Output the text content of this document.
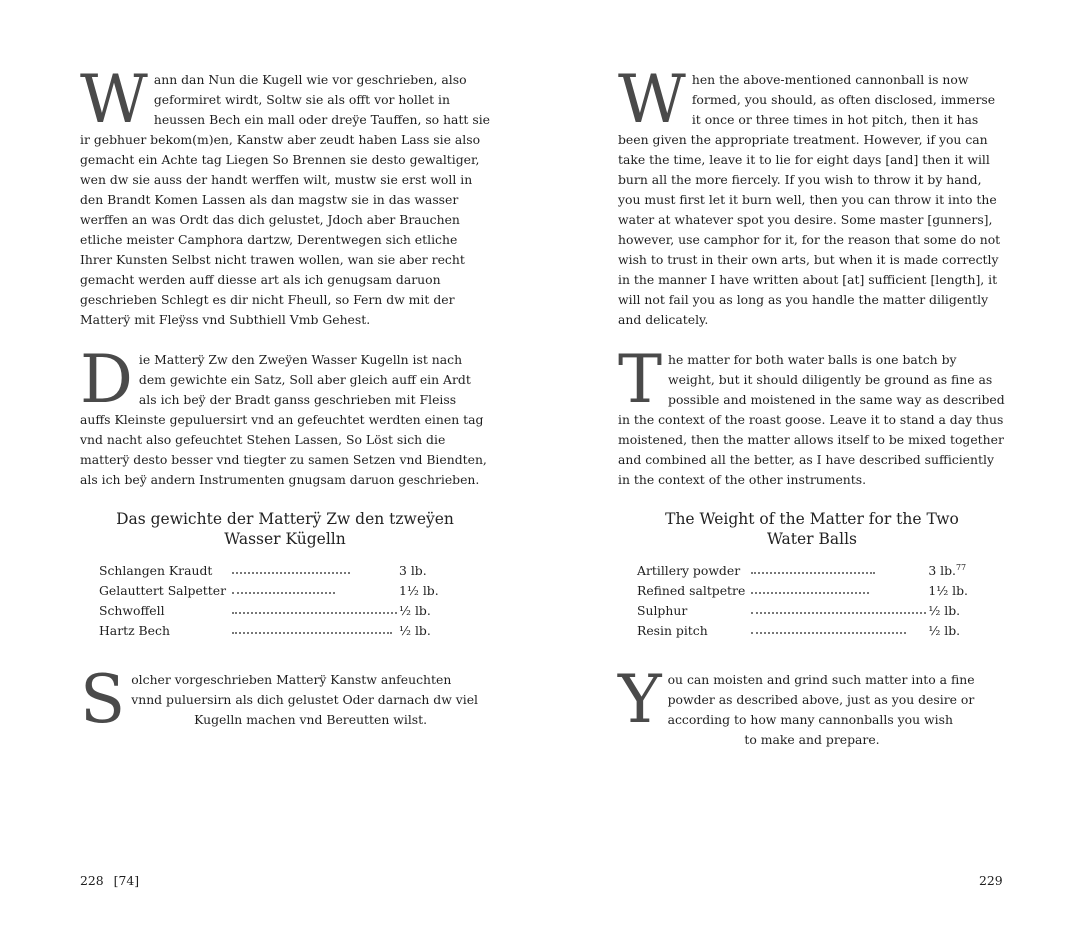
Wann dan Nun die Kugell wie vor geschrieben, also geformiret wirdt, Soltw sie als offt vor hollet in heussen Bech ein mall oder dreÿe Tauffen, so hatt sie ir gebhuer bekom(m)en, Kanstw aber zeudt haben Lass sie also gemacht ein Achte tag Liegen So Brennen sie desto gewaltiger, wen dw sie auss der handt werffen wilt, mustw sie erst woll in den Brandt Komen Lassen als dan magstw sie in das wasser werffen an was Ordt das dich gelustet, Jdoch aber Brauchen etliche meister Camphora dartzw, Derentwegen sich etliche Ihrer Kunsten Selbst nicht trawen wollen, wan sie aber recht gemacht werden auff diesse art als ich genugsam daruon geschrieben Schlegt es dir nicht Fheull, so Fern dw mit der Matterÿ mit Fleÿss vnd Subthiell Vmb Gehest.

Die Matterÿ Zw den Zweÿen Wasser Kugelln ist nach dem gewichte ein Satz, Soll aber gleich auff ein Ardt als ich beÿ der Bradt ganss geschrieben mit Fleiss auffs Kleinste gepuluersirt vnd an gefeuchtet werdten einen tag vnd nacht also gefeuchtet Stehen Lassen, So Löst sich die matterÿ desto besser vnd tiegter zu samen Setzen vnd Biendten, als ich beÿ andern Instrumenten gnugsam daruon geschrieben.

Das gewichte der Matterÿ Zw den tzweÿen
Wasser Kügelln
Schlangen Kraudt		3 lb.
Gelauttert Salpetter		1½ lb.
Schwoffell		½ lb.
Hartz Bech		½ lb.
S olcher vorgeschrieben Matterÿ Kanstw anfeuchten
vnnd puluersirn als dich gelustet Oder darnach dw viel
Kugelln machen vnd Bereutten wilst.
228 [74]

When the above-mentioned cannonball is now formed, you should, as often disclosed, immerse it once or three times in hot pitch, then it has been given the appropriate treatment. However, if you can take the time, leave it to lie for eight days [and] then it will burn all the more fiercely. If you wish to throw it by hand, you must first let it burn well, then you can throw it into the water at whatever spot you desire. Some master [gunners], however, use camphor for it, for the reason that some do not wish to trust in their own arts, but when it is made correctly in the manner I have written about [at] sufficient [length], it will not fail you as long as you handle the matter diligently and delicately.

The matter for both water balls is one batch by weight, but it should diligently be ground as fine as possible and moistened in the same way as described in the context of the roast goose. Leave it to stand a day thus moistened, then the matter allows itself to be mixed together and combined all the better, as I have described sufficiently in the context of the other instruments.

The Weight of the Matter for the Two
Water Balls
Artillery powder		3 lb.$^{77}$
Refined saltpetre		1½ lb.
Sulphur		½ lb.
Resin pitch		½ lb.
Y ou can moisten and grind such matter into a fine
powder as described above, just as you desire or
according to how many cannonballs you wish
to make and prepare.
229
